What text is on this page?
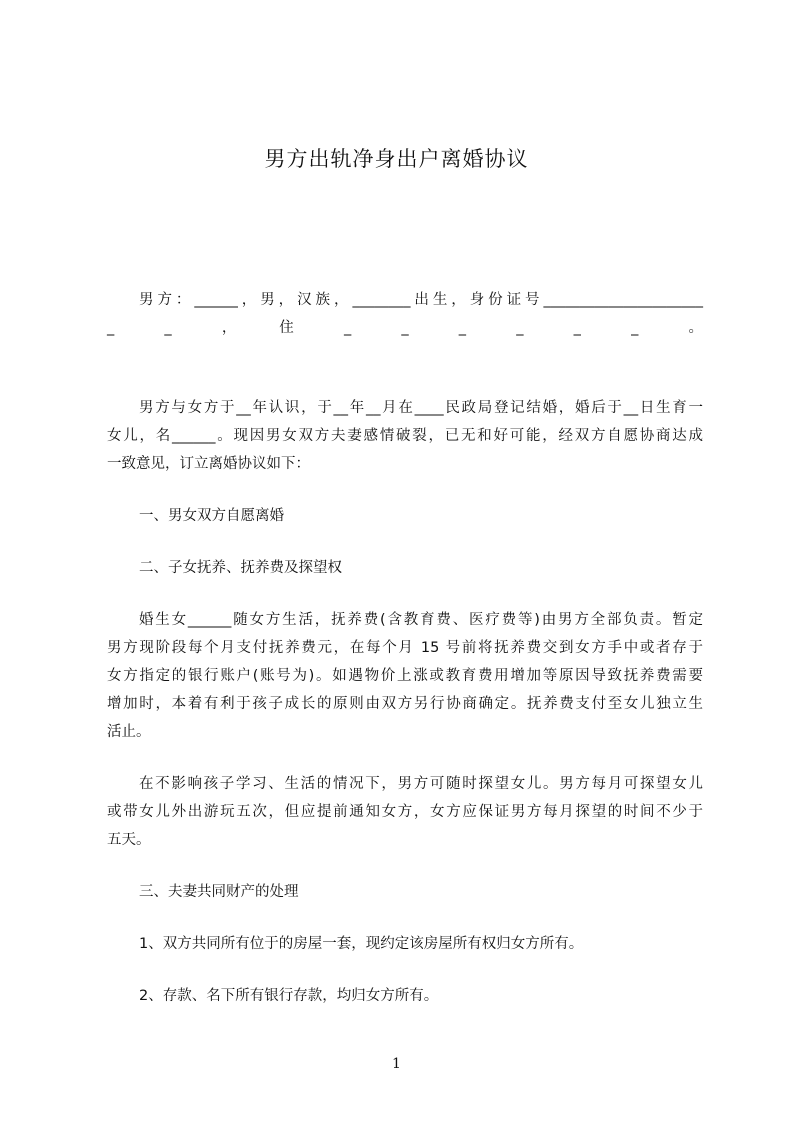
男方出轨净身出户离婚协议
男方：______，男，汉族，________出生，身份证号______________________
_　　_　　，　　住　　_　　_　　_　　_　　_　　_　　。
男方与女方于__年认识，于__年__月在____民政局登记结婚，婚后于__日生育一
女儿，名______。现因男女双方夫妻感情破裂，已无和好可能，经双方自愿协商达成
一致意见，订立离婚协议如下：
一、男女双方自愿离婚
二、子女抚养、抚养费及探望权
婚生女______随女方生活，抚养费(含教育费、医疗费等)由男方全部负责。暂定
男方现阶段每个月支付抚养费元，在每个月 15 号前将抚养费交到女方手中或者存于
女方指定的银行账户(账号为)。如遇物价上涨或教育费用增加等原因导致抚养费需要
增加时，本着有利于孩子成长的原则由双方另行协商确定。抚养费支付至女儿独立生
活止。
在不影响孩子学习、生活的情况下，男方可随时探望女儿。男方每月可探望女儿
或带女儿外出游玩五次，但应提前通知女方，女方应保证男方每月探望的时间不少于
五天。
三、夫妻共同财产的处理
1、双方共同所有位于的房屋一套，现约定该房屋所有权归女方所有。
2、存款、名下所有银行存款，均归女方所有。
1
